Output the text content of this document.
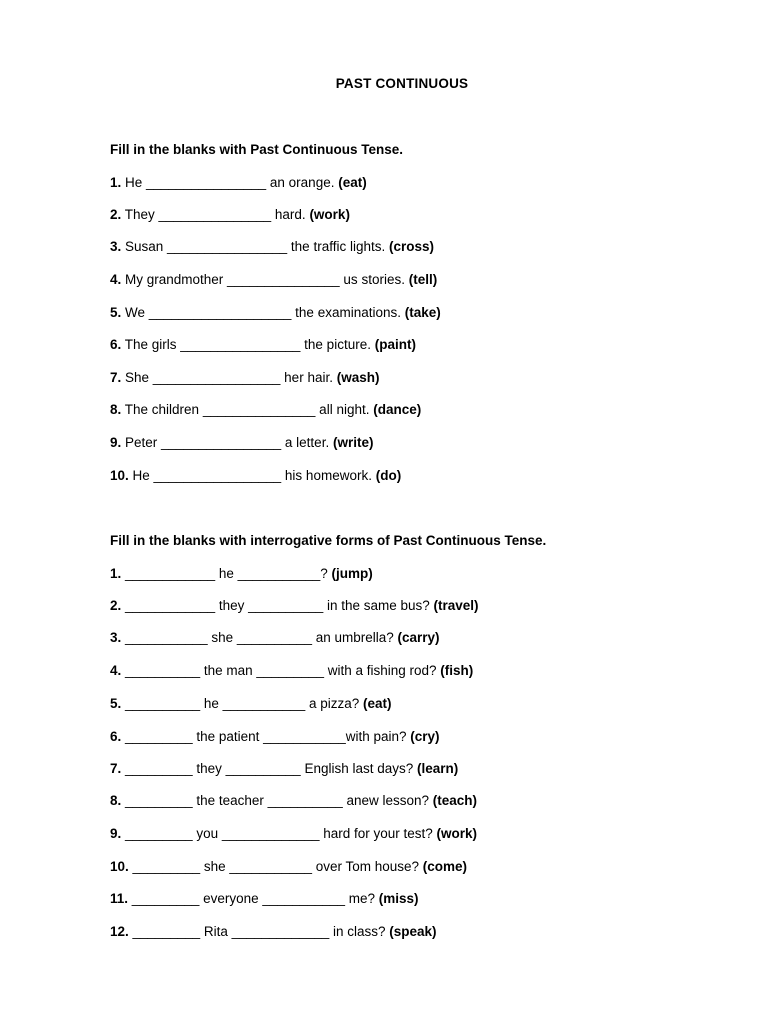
PAST CONTINUOUS
Fill in the blanks with Past Continuous Tense.
1. He ________________ an orange. (eat)
2. They _______________ hard. (work)
3. Susan ________________ the traffic lights. (cross)
4. My grandmother _______________ us stories. (tell)
5. We ___________________ the examinations. (take)
6. The girls ________________ the picture. (paint)
7. She _________________ her hair. (wash)
8. The children _______________ all night. (dance)
9. Peter ________________ a letter. (write)
10. He _________________ his homework. (do)
Fill in the blanks with interrogative forms of Past Continuous Tense.
1. ____________ he ___________? (jump)
2. ____________ they __________ in the same bus? (travel)
3. ___________ she __________ an umbrella? (carry)
4. __________ the man _________ with a fishing rod? (fish)
5. __________ he ___________ a pizza? (eat)
6. _________ the patient ___________with pain? (cry)
7. _________ they __________ English last days? (learn)
8. _________ the teacher __________ anew lesson? (teach)
9. _________ you _____________ hard for your test? (work)
10. _________ she ___________ over Tom house? (come)
11. _________ everyone ___________ me? (miss)
12. _________ Rita _____________ in class? (speak)
